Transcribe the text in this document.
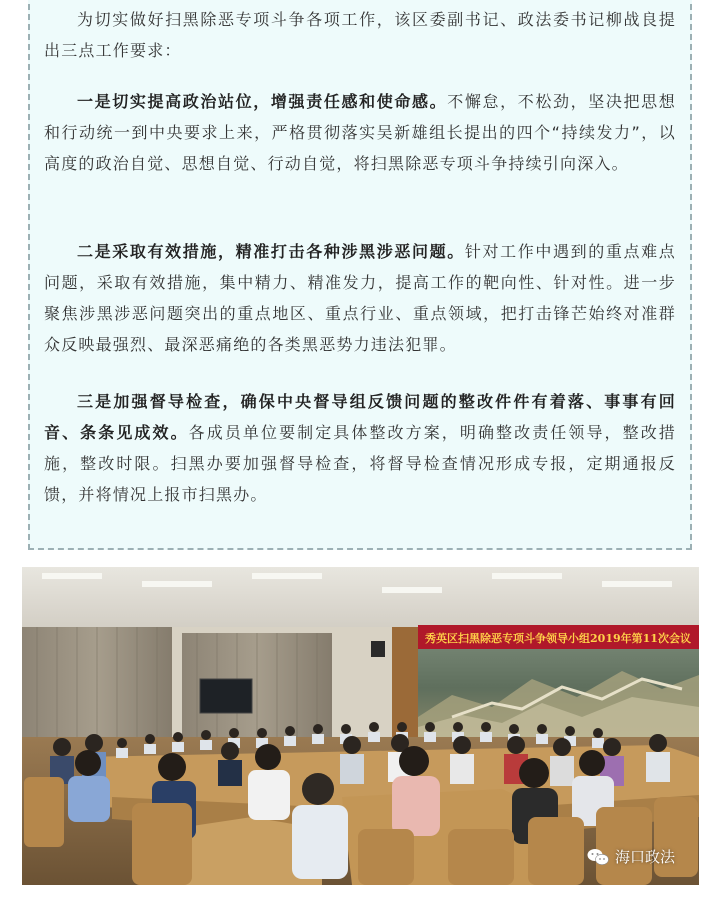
为切实做好扫黑除恶专项斗争各项工作，该区委副书记、政法委书记柳战良提出三点工作要求：

一是切实提高政治站位，增强责任感和使命感。不懈怠，不松劲，坚决把思想和行动统一到中央要求上来，严格贯彻落实吴新雄组长提出的四个“持续发力”，以高度的政治自觉、思想自觉、行动自觉，将扫黑除恶专项斗争持续引向深入。

二是采取有效措施，精准打击各种涉黑涉恶问题。针对工作中遇到的重点难点问题，采取有效措施，集中精力、精准发力，提高工作的靶向性、针对性。进一步聚焦涉黑涉恶问题突出的重点地区、重点行业、重点领域，把打击锋芒始终对准群众反映最强烈、最深恶痛绝的各类黑恶势力违法犯罪。

三是加强督导检查，确保中央督导组反馈问题的整改件件有着落、事事有回音、条条见成效。各成员单位要制定具体整改方案，明确整改责任领导，整改措施，整改时限。扫黑办要加强督导检查，将督导检查情况形成专报，定期通报反馈，并将情况上报市扫黑办。

秀英区扫黑除恶专项斗争领导小组2019年第11次会议
海口政法
